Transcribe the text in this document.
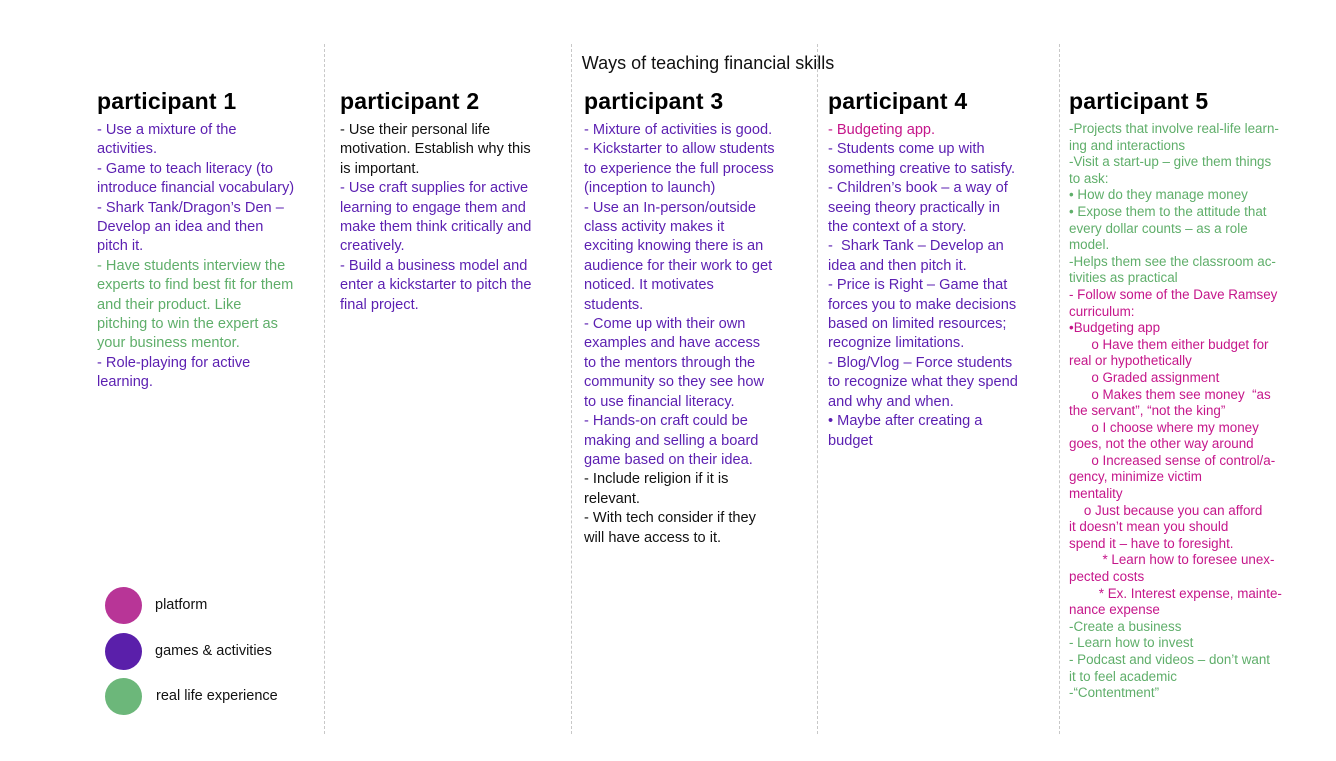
Ways of teaching financial skills
participant 1

- Use a mixture of the

activities.

- Game to teach literacy (to

introduce financial vocabulary)

- Shark Tank/Dragon’s Den –

Develop an idea and then

pitch it.

- Have students interview the

experts to find best fit for them

and their product. Like

pitching to win the expert as

your business mentor.

- Role-playing for active

learning.

participant 2

- Use their personal life

motivation. Establish why this

is important.

- Use craft supplies for active

learning to engage them and

make them think critically and

creatively.

- Build a business model and

enter a kickstarter to pitch the

final project.

participant 3

- Mixture of activities is good.

- Kickstarter to allow students

to experience the full process

(inception to launch)

- Use an In-person/outside

class activity makes it

exciting knowing there is an

audience for their work to get

noticed. It motivates

students.

- Come up with their own

examples and have access

to the mentors through the

community so they see how

to use financial literacy.

- Hands-on craft could be

making and selling a board

game based on their idea.

- Include religion if it is

relevant.

- With tech consider if they

will have access to it.

participant 4

- Budgeting app.

- Students come up with

something creative to satisfy.

- Children’s book – a way of

seeing theory practically in

the context of a story.

-  Shark Tank – Develop an

idea and then pitch it.

- Price is Right – Game that

forces you to make decisions

based on limited resources;

recognize limitations.

- Blog/Vlog – Force students

to recognize what they spend

and why and when.

• Maybe after creating a

budget

participant 5

-Projects that involve real-life learn-

ing and interactions

-Visit a start-up – give them things

to ask:

• How do they manage money

• Expose them to the attitude that

every dollar counts – as a role

model.

-Helps them see the classroom ac-

tivities as practical

- Follow some of the Dave Ramsey

curriculum:

•Budgeting app

o Have them either budget for

real or hypothetically

o Graded assignment

o Makes them see money  “as

the servant”, “not the king”

o I choose where my money

goes, not the other way around

o Increased sense of control/a-

gency, minimize victim

mentality

o Just because you can afford

it doesn’t mean you should

spend it – have to foresight.

* Learn how to foresee unex-

pected costs

* Ex. Interest expense, mainte-

nance expense

-Create a business

- Learn how to invest

- Podcast and videos – don’t want

it to feel academic

-“Contentment”

platform
games & activities
real life experience
